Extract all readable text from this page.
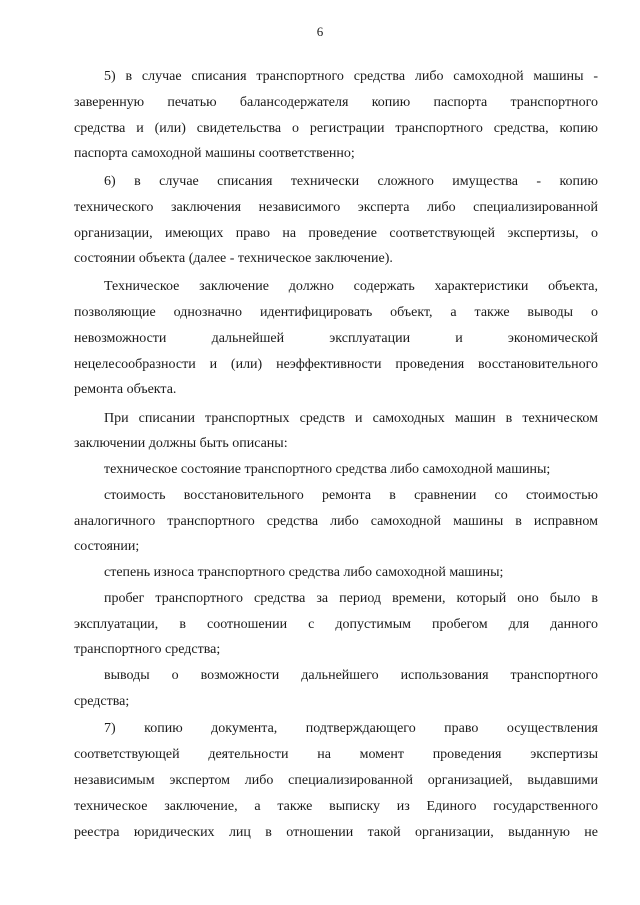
6
5) в случае списания транспортного средства либо самоходной машины -
заверенную печатью балансодержателя копию паспорта транспортного
средства и (или) свидетельства о регистрации транспортного средства, копию
паспорта самоходной машины соответственно;
6) в случае списания технически сложного имущества - копию
технического заключения независимого эксперта либо специализированной
организации, имеющих право на проведение соответствующей экспертизы, о
состоянии объекта (далее - техническое заключение).
Техническое заключение должно содержать характеристики объекта,
позволяющие однозначно идентифицировать объект, а также выводы о
невозможности дальнейшей эксплуатации и экономической
нецелесообразности и (или) неэффективности проведения восстановительного
ремонта объекта.
При списании транспортных средств и самоходных машин в техническом
заключении должны быть описаны:
техническое состояние транспортного средства либо самоходной машины;
стоимость восстановительного ремонта в сравнении со стоимостью
аналогичного транспортного средства либо самоходной машины в исправном
состоянии;
степень износа транспортного средства либо самоходной машины;
пробег транспортного средства за период времени, который оно было в
эксплуатации, в соотношении с допустимым пробегом для данного
транспортного средства;
выводы о возможности дальнейшего использования транспортного
средства;
7) копию документа, подтверждающего право осуществления
соответствующей деятельности на момент проведения экспертизы
независимым экспертом либо специализированной организацией, выдавшими
техническое заключение, а также выписку из Единого государственного
реестра юридических лиц в отношении такой организации, выданную не
